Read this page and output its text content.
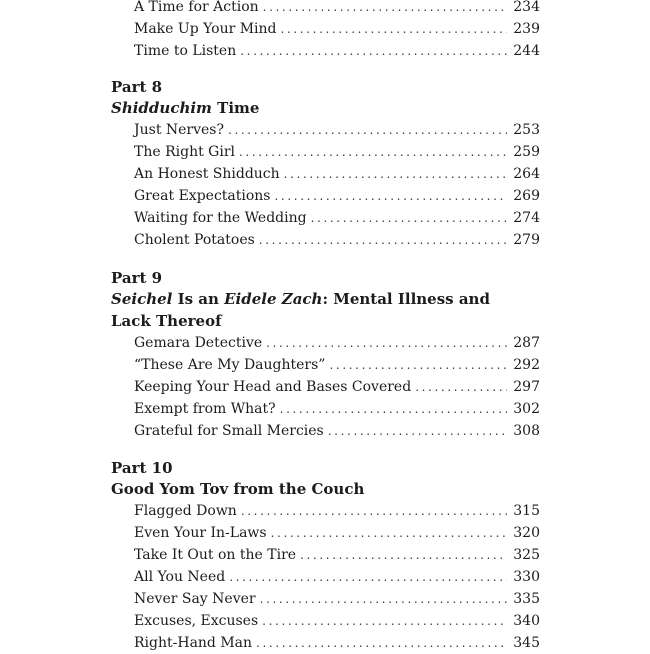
A Time for Action . . .	234
Make Up Your Mind . . .	239
Time to Listen . . .	244
Part 8
Shidduchim Time
Just Nerves? . . .	253
The Right Girl . . .	259
An Honest Shidduch . . .	264
Great Expectations . . .	269
Waiting for the Wedding . . .	274
Cholent Potatoes . . .	279
Part 9
Seichel Is an Eidele Zach: Mental Illness and
Lack Thereof
Gemara Detective . . .	287
“These Are My Daughters” . . .	292
Keeping Your Head and Bases Covered . . .	297
Exempt from What? . . .	302
Grateful for Small Mercies . . .	308
Part 10
Good Yom Tov from the Couch
Flagged Down . . .	315
Even Your In-Laws . . .	320
Take It Out on the Tire . . .	325
All You Need . . .	330
Never Say Never . . .	335
Excuses, Excuses . . .	340
Right-Hand Man . . .	345
